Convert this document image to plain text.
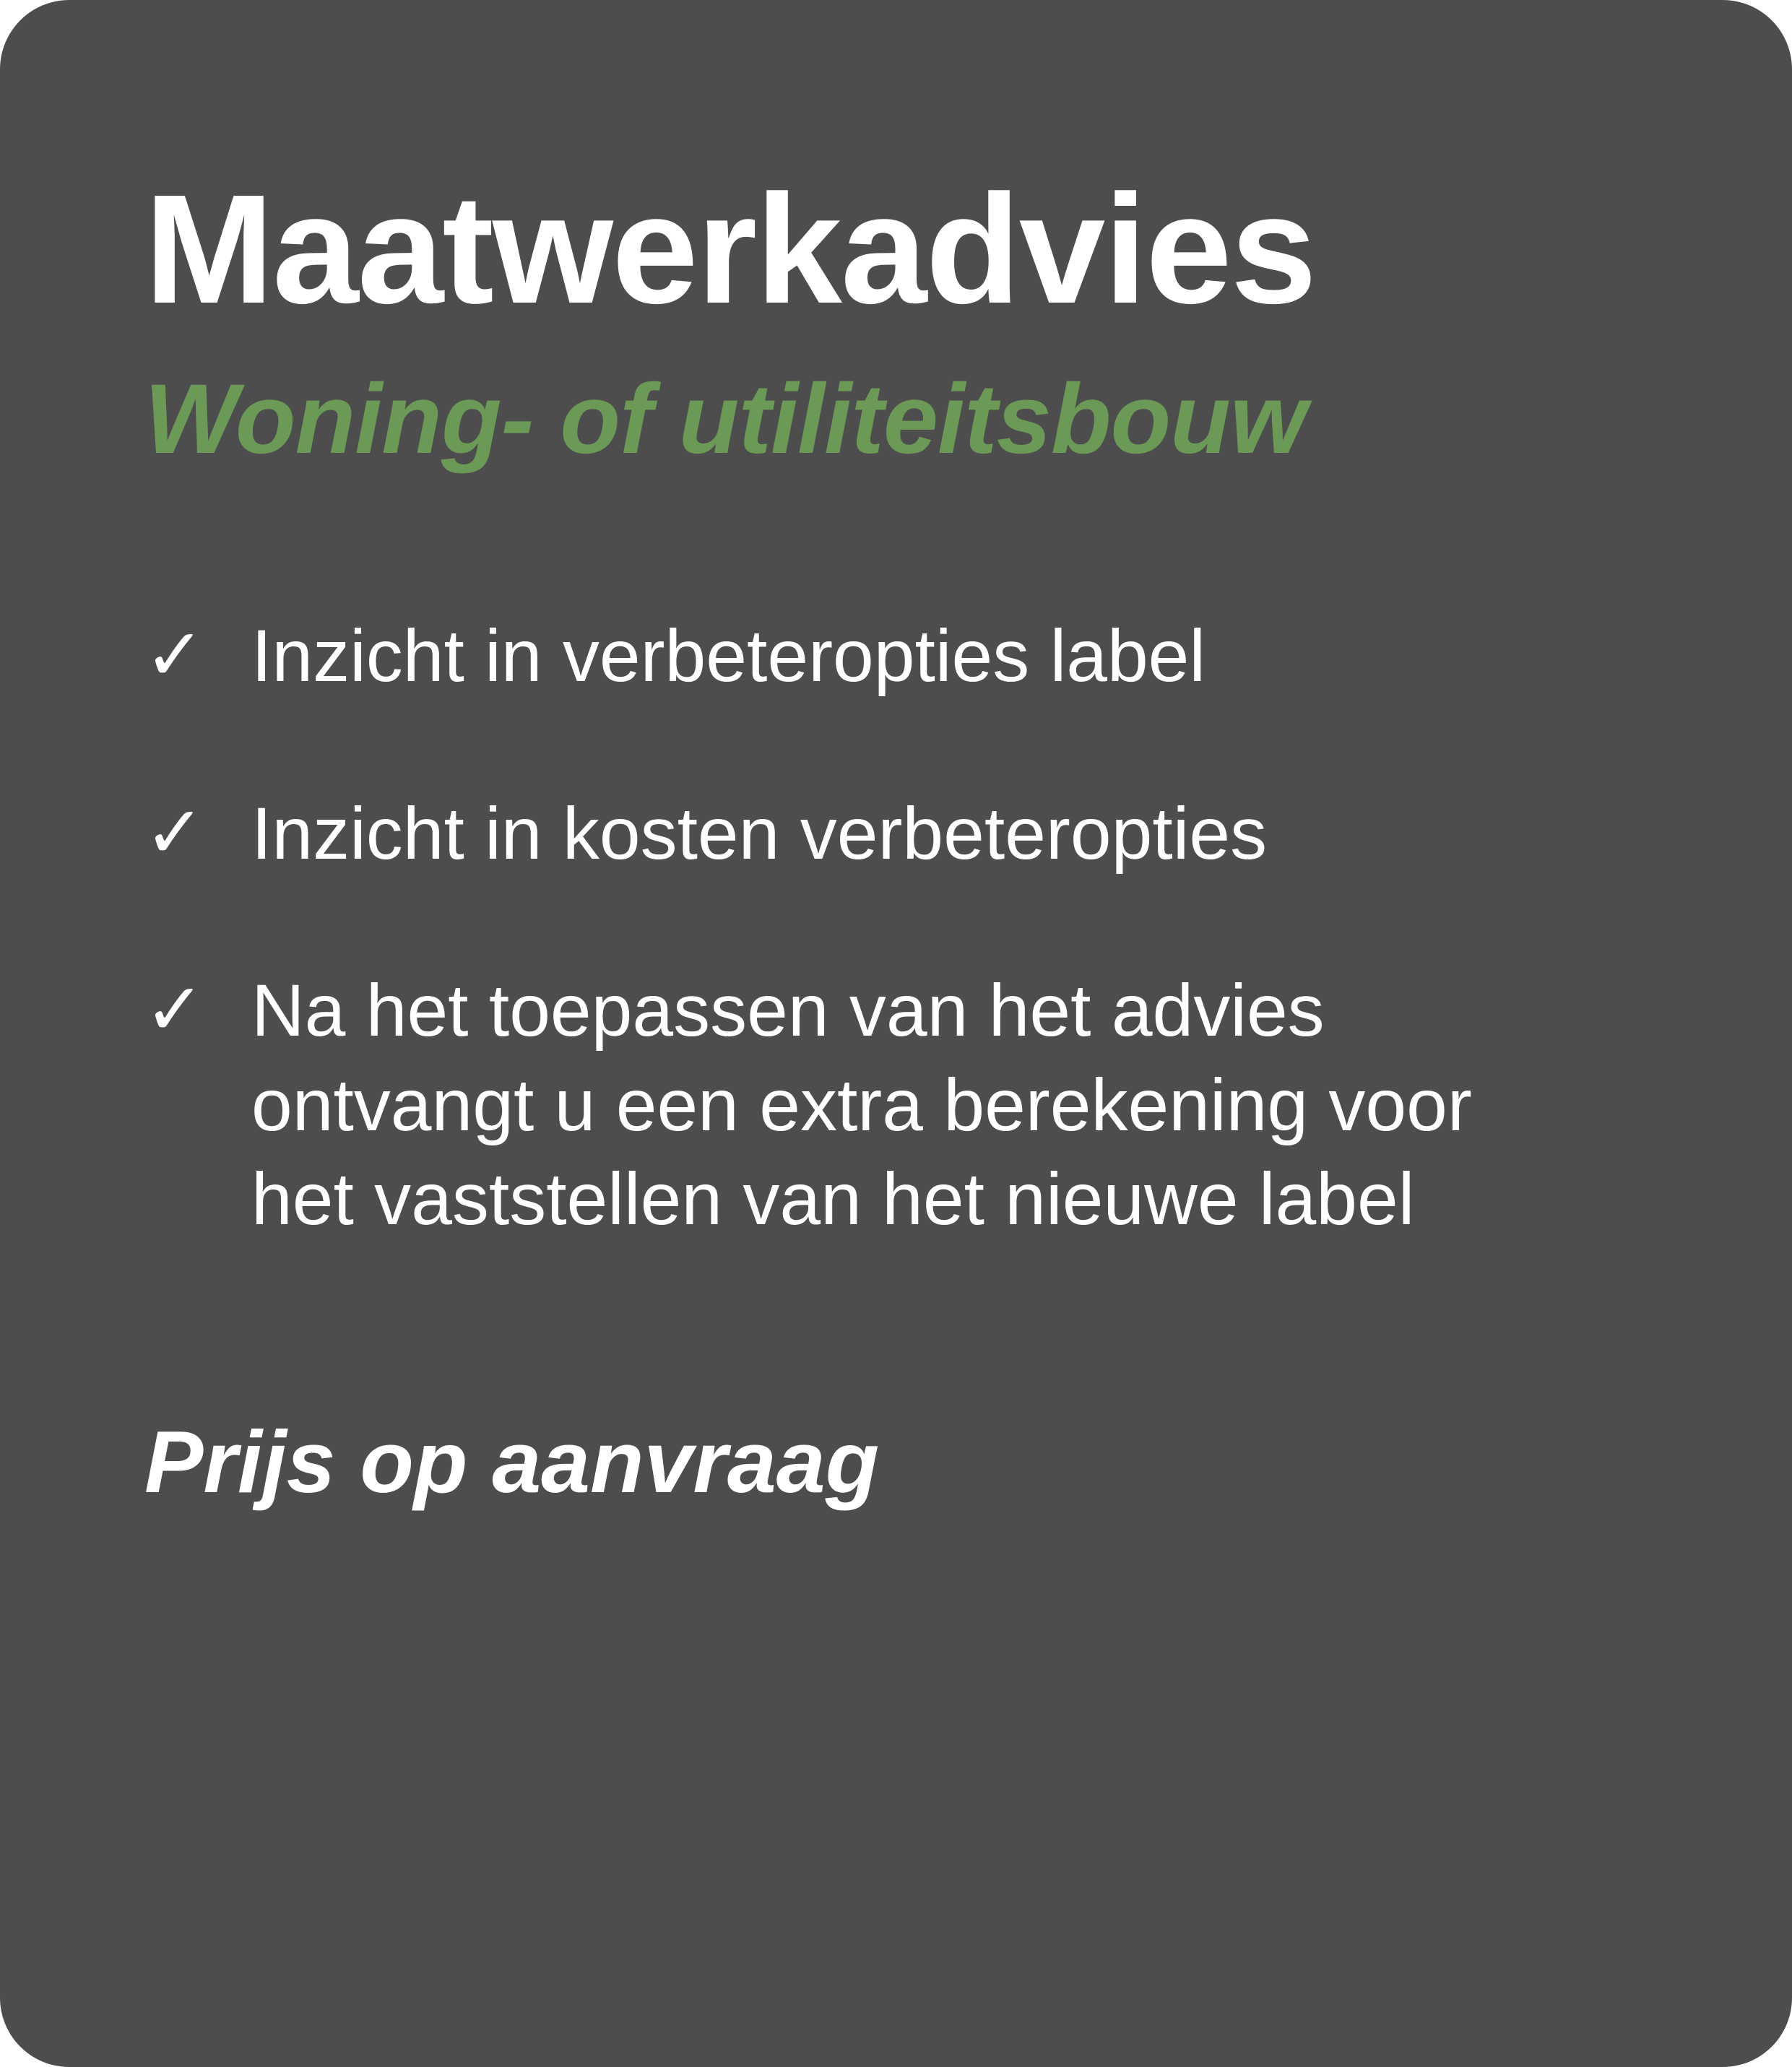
Maatwerkadvies
Woning- of utiliteitsbouw
✓ Inzicht in verbeteropties label
✓ Inzicht in kosten verbeteropties
✓ Na het toepassen van het advies ontvangt u een extra berekening voor het vaststellen van het nieuwe label

Prijs op aanvraag
